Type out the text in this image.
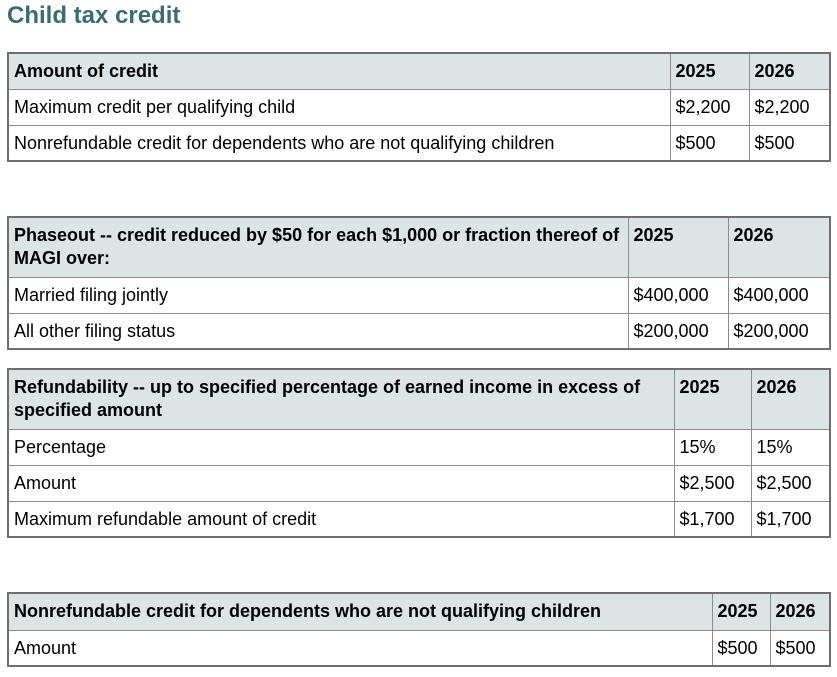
Child tax credit
Amount of credit	2025	2026
Maximum credit per qualifying child	$2,200	$2,200
Nonrefundable credit for dependents who are not qualifying children	$500	$500
Phaseout -- credit reduced by $50 for each $1,000 or fraction thereof of MAGI over:	2025	2026
Married filing jointly	$400,000	$400,000
All other filing status	$200,000	$200,000
Refundability -- up to specified percentage of earned income in excess of specified amount	2025	2026
Percentage	15%	15%
Amount	$2,500	$2,500
Maximum refundable amount of credit	$1,700	$1,700
Nonrefundable credit for dependents who are not qualifying children	2025	2026
Amount	$500	$500
